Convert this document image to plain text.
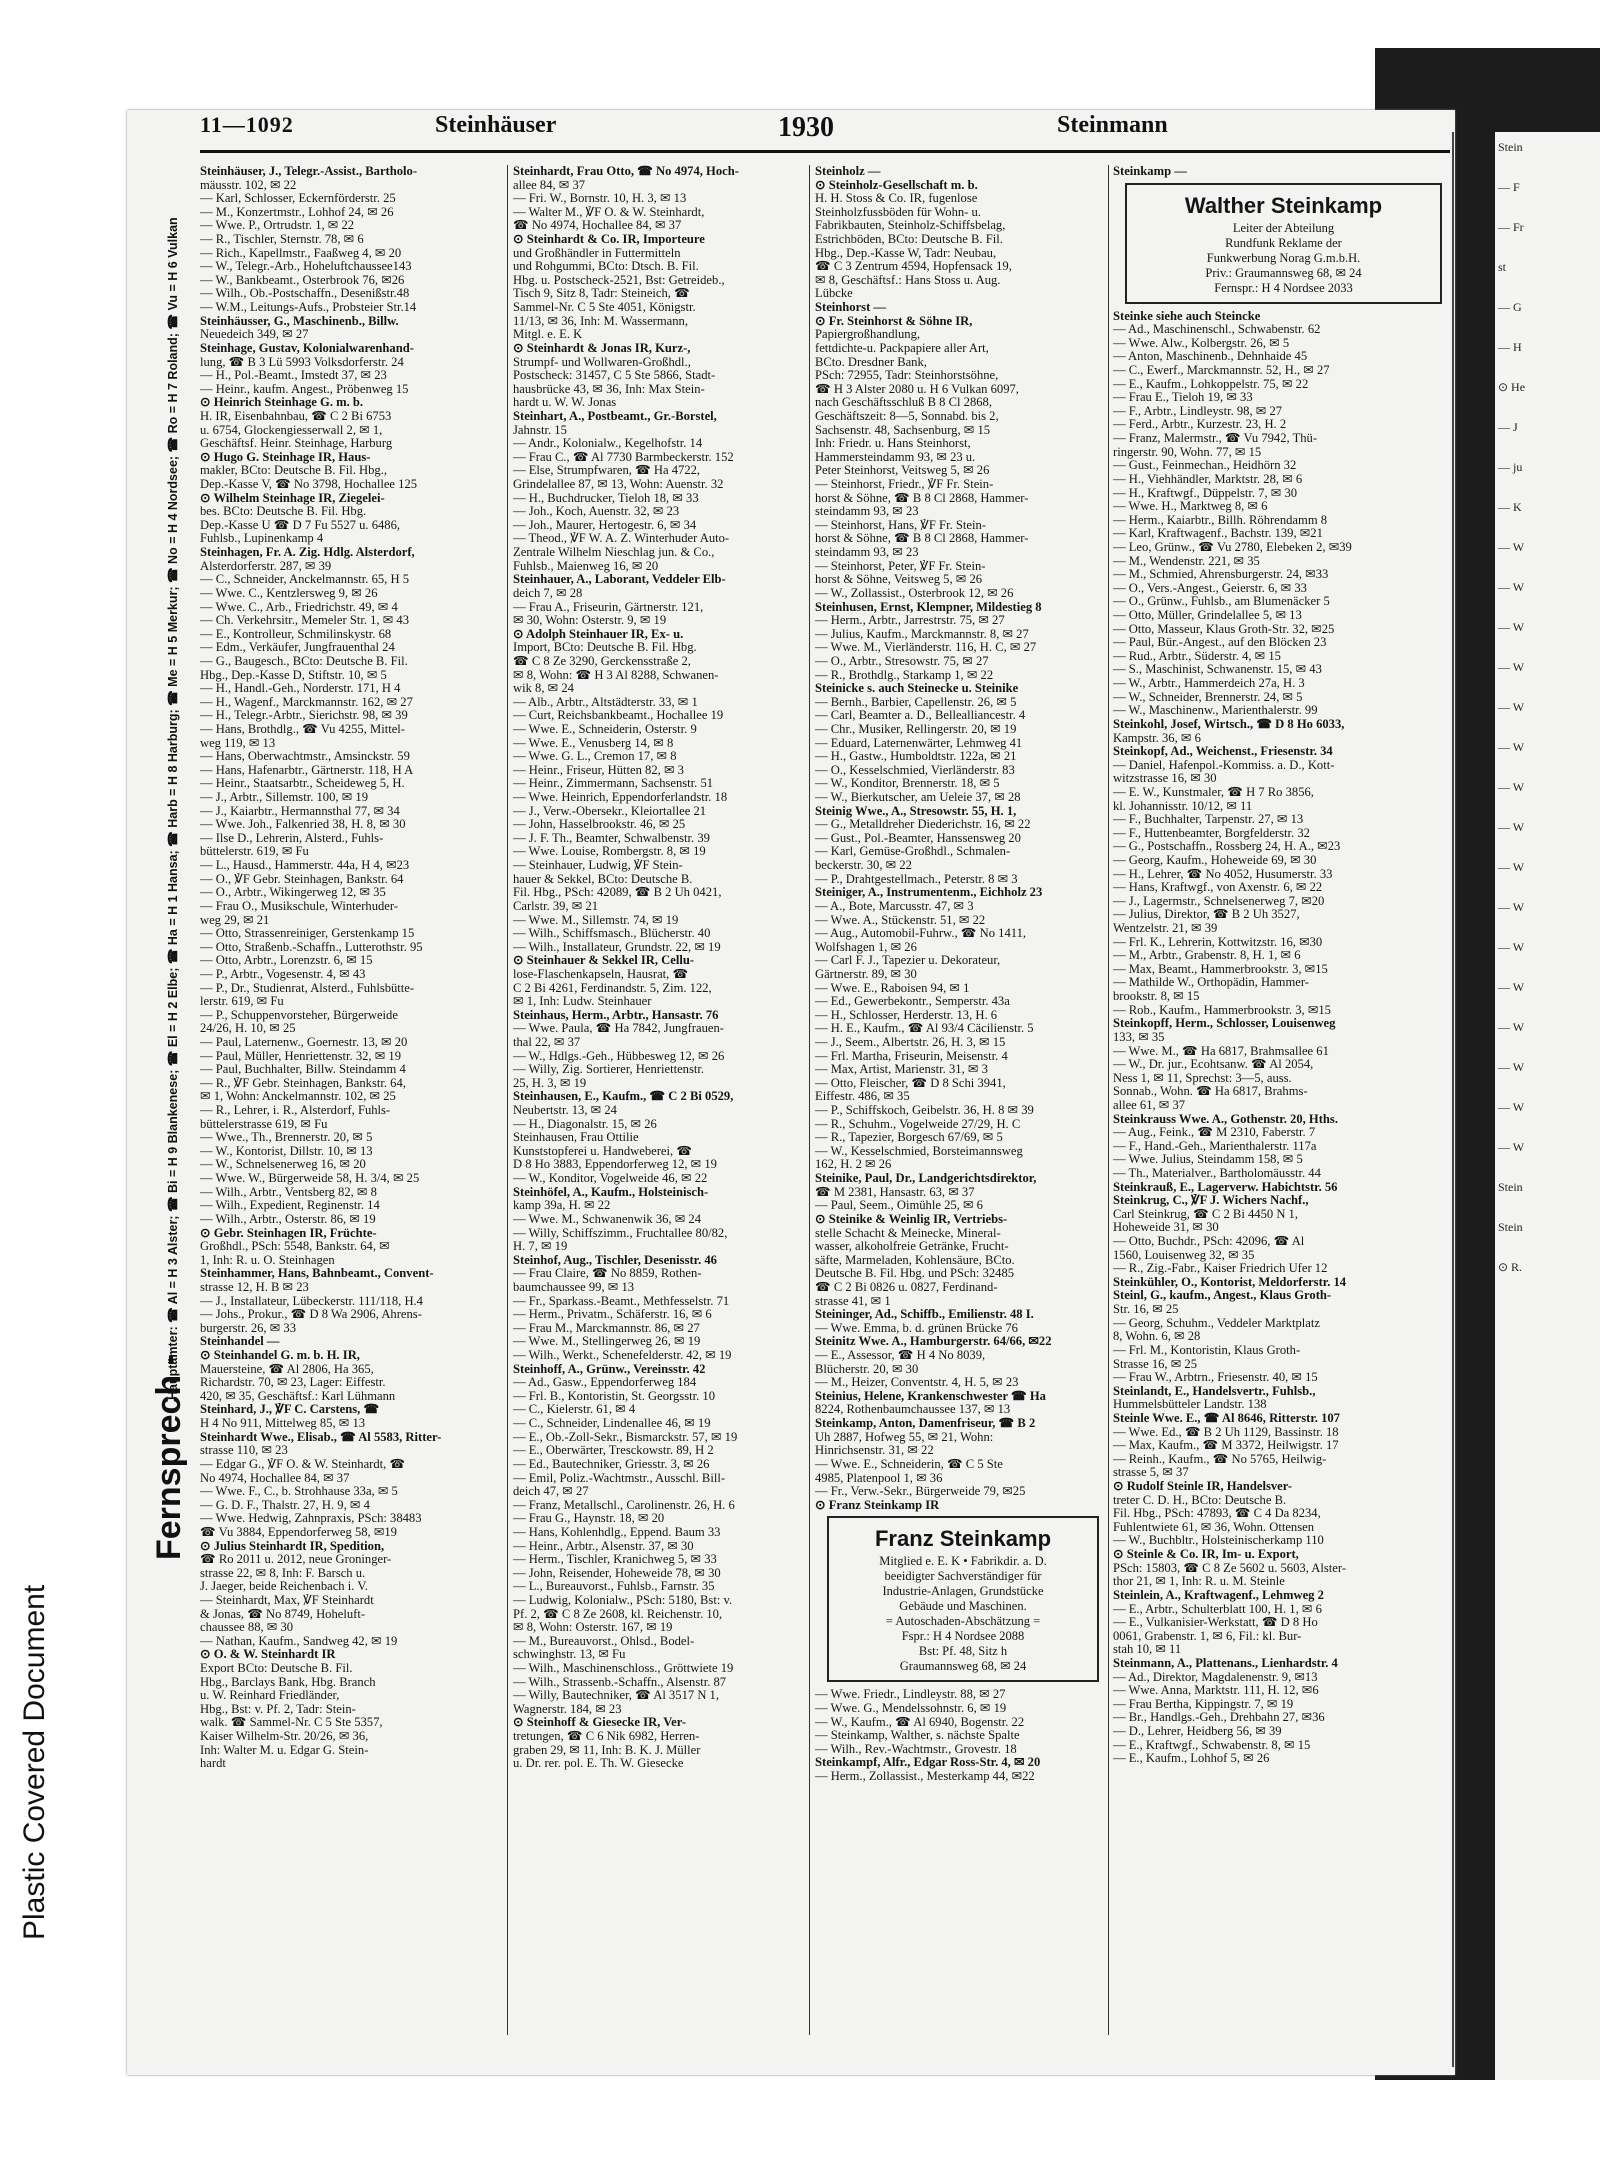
Stein
— F
— Fr
st
— G
— H
⊙ He
— J
— ju
— K
— W
— W
— W
— W
— W
— W
— W
— W
— W
— W
— W
— W
— W
— W
— W
— W
Stein
Stein
⊙ R.
Plastic Covered Document
11—1092	Steinhäuser	1930	Steinmann
Fernsprech -
Hauptämter: ☎ Al = H 3 Alster; ☎ Bi = H 9 Blankenese; ☎ El = H 2 Elbe; ☎ Ha = H 1 Hansa; ☎ Harb = H 8 Harburg; ☎ Me = H 5 Merkur; ☎ No = H 4 Nordsee; ☎ Ro = H 7 Roland; ☎ Vu = H 6 Vulkan
Steinhäuser, J., Telegr.-Assist., Bartholo-
mäusstr. 102, ✉ 22
— Karl, Schlosser, Eckernförderstr. 25
— M., Konzertmstr., Lohhof 24, ✉ 26
— Wwe. P., Ortrudstr. 1, ✉ 22
— R., Tischler, Sternstr. 78, ✉ 6
— Rich., Kapellmstr., Faaßweg 4, ✉ 20
— W., Telegr.-Arb., Hoheluftchaussee143
— W., Bankbeamt., Osterbrook 76, ✉26
— Wilh., Ob.-Postschaffn., Desenißstr.48
— W.M., Leitungs-Aufs., Probsteier Str.14
Steinhäusser, G., Maschinenb., Billw.
Neuedeich 349, ✉ 27
Steinhage, Gustav, Kolonialwarenhand-
lung, ☎ B 3 Lü 5993 Volksdorferstr. 24
— H., Pol.-Beamt., Imstedt 37, ✉ 23
— Heinr., kaufm. Angest., Pröbenweg 15
⊙ Heinrich Steinhage G. m. b.
H. IR, Eisenbahnbau, ☎ C 2 Bi 6753
u. 6754, Glockengiesserwall 2, ✉ 1,
Geschäftsf. Heinr. Steinhage, Harburg
⊙ Hugo G. Steinhage IR, Haus-
makler, BCto: Deutsche B. Fil. Hbg.,
Dep.-Kasse V, ☎ No 3798, Hochallee 125
⊙ Wilhelm Steinhage IR, Ziegelei-
bes. BCto: Deutsche B. Fil. Hbg.
Dep.-Kasse U ☎ D 7 Fu 5527 u. 6486,
Fuhlsb., Lupinenkamp 4
Steinhagen, Fr. A. Zig. Hdlg. Alsterdorf,
Alsterdorferstr. 287, ✉ 39
— C., Schneider, Anckelmannstr. 65, H 5
— Wwe. C., Kentzlersweg 9, ✉ 26
— Wwe. C., Arb., Friedrichstr. 49, ✉ 4
— Ch. Verkehrsitr., Memeler Str. 1, ✉ 43
— E., Kontrolleur, Schmilinskystr. 68
— Edm., Verkäufer, Jungfrauenthal 24
— G., Baugesch., BCto: Deutsche B. Fil.
Hbg., Dep.-Kasse D, Stiftstr. 10, ✉ 5
— H., Handl.-Geh., Norderstr. 171, H 4
— H., Wagenf., Marckmannstr. 162, ✉ 27
— H., Telegr.-Arbtr., Sierichstr. 98, ✉ 39
— Hans, Brothdlg., ☎ Vu 4255, Mittel-
weg 119, ✉ 13
— Hans, Oberwachtmstr., Amsinckstr. 59
— Hans, Hafenarbtr., Gärtnerstr. 118, H A
— Heinr., Staatsarbtr., Scheideweg 5, H.
— J., Arbtr., Sillemstr. 100, ✉ 19
— J., Kaiarbtr., Hermannsthal 77, ✉ 34
— Wwe. Joh., Falkenried 38, H. 8, ✉ 30
— Ilse D., Lehrerin, Alsterd., Fuhls-
büttelerstr. 619, ✉ Fu
— L., Hausd., Hammerstr. 44a, H 4, ✉23
— O., ℣F Gebr. Steinhagen, Bankstr. 64
— O., Arbtr., Wikingerweg 12, ✉ 35
— Frau O., Musikschule, Winterhuder-
weg 29, ✉ 21
— Otto, Strassenreiniger, Gerstenkamp 15
— Otto, Straßenb.-Schaffn., Lutterothstr. 95
— Otto, Arbtr., Lorenzstr. 6, ✉ 15
— P., Arbtr., Vogesenstr. 4, ✉ 43
— P., Dr., Studienrat, Alsterd., Fuhlsbütte-
lerstr. 619, ✉ Fu
— P., Schuppenvorsteher, Bürgerweide
24/26, H. 10, ✉ 25
— Paul, Laternenw., Goernestr. 13, ✉ 20
— Paul, Müller, Henriettenstr. 32, ✉ 19
— Paul, Buchhalter, Billw. Steindamm 4
— R., ℣F Gebr. Steinhagen, Bankstr. 64,
✉ 1, Wohn: Anckelmannstr. 102, ✉ 25
— R., Lehrer, i. R., Alsterdorf, Fuhls-
büttelerstrasse 619, ✉ Fu
— Wwe., Th., Brennerstr. 20, ✉ 5
— W., Kontorist, Dillstr. 10, ✉ 13
— W., Schnelsenerweg 16, ✉ 20
— Wwe. W., Bürgerweide 58, H. 3/4, ✉ 25
— Wilh., Arbtr., Ventsberg 82, ✉ 8
— Wilh., Expedient, Reginenstr. 14
— Wilh., Arbtr., Osterstr. 86, ✉ 19
⊙ Gebr. Steinhagen IR, Früchte-
Großhdl., PSch: 5548, Bankstr. 64, ✉
1, Inh: R. u. O. Steinhagen
Steinhammer, Hans, Bahnbeamt., Convent-
strasse 12, H. B ✉ 23
— J., Installateur, Lübeckerstr. 111/118, H.4
— Johs., Prokur., ☎ D 8 Wa 2906, Ahrens-
burgerstr. 26, ✉ 33
Steinhandel —
⊙ Steinhandel G. m. b. H. IR,
Mauersteine, ☎ Al 2806, Ha 365,
Richardstr. 70, ✉ 23, Lager: Eiffestr.
420, ✉ 35, Geschäftsf.: Karl Lühmann
Steinhard, J., ℣F C. Carstens, ☎
H 4 No 911, Mittelweg 85, ✉ 13
Steinhardt Wwe., Elisab., ☎ Al 5583, Ritter-
strasse 110, ✉ 23
— Edgar G., ℣F O. & W. Steinhardt, ☎
No 4974, Hochallee 84, ✉ 37
— Wwe. F., C., b. Strohhause 33a, ✉ 5
— G. D. F., Thalstr. 27, H. 9, ✉ 4
— Wwe. Hedwig, Zahnpraxis, PSch: 38483
☎ Vu 3884, Eppendorferweg 58, ✉19
⊙ Julius Steinhardt IR, Spedition,
☎ Ro 2011 u. 2012, neue Groninger-
strasse 22, ✉ 8, Inh: F. Barsch u.
J. Jaeger, beide Reichenbach i. V.
— Steinhardt, Max, ℣F Steinhardt
& Jonas, ☎ No 8749, Hoheluft-
chaussee 88, ✉ 30
— Nathan, Kaufm., Sandweg 42, ✉ 19
⊙ O. & W. Steinhardt IR
Export BCto: Deutsche B. Fil.
Hbg., Barclays Bank, Hbg. Branch
u. W. Reinhard Friedländer,
Hbg., Bst: v. Pf. 2, Tadr: Stein-
walk. ☎ Sammel-Nr. C 5 Ste 5357,
Kaiser Wilhelm-Str. 20/26, ✉ 36,
Inh: Walter M. u. Edgar G. Stein-
hardt
Steinhardt, Frau Otto, ☎ No 4974, Hoch-
allee 84, ✉ 37
— Fri. W., Bornstr. 10, H. 3, ✉ 13
— Walter M., ℣F O. & W. Steinhardt,
☎ No 4974, Hochallee 84, ✉ 37
⊙ Steinhardt & Co. IR, Importeure
und Großhändler in Futtermitteln
und Rohgummi, BCto: Dtsch. B. Fil.
Hbg. u. Postscheck-2521, Bst: Getreideb.,
Tisch 9, Sitz 8, Tadr: Steineich, ☎
Sammel-Nr. C 5 Ste 4051, Königstr.
11/13, ✉ 36, Inh: M. Wassermann,
Mitgl. e. E. K
⊙ Steinhardt & Jonas IR, Kurz-,
Strumpf- und Wollwaren-Großhdl.,
Postscheck: 31457, C 5 Ste 5866, Stadt-
hausbrücke 43, ✉ 36, Inh: Max Stein-
hardt u. W. W. Jonas
Steinhart, A., Postbeamt., Gr.-Borstel,
Jahnstr. 15
— Andr., Kolonialw., Kegelhofstr. 14
— Frau C., ☎ Al 7730 Barmbeckerstr. 152
— Else, Strumpfwaren, ☎ Ha 4722,
Grindelallee 87, ✉ 13, Wohn: Auenstr. 32
— H., Buchdrucker, Tieloh 18, ✉ 33
— Joh., Koch, Auenstr. 32, ✉ 23
— Joh., Maurer, Hertogestr. 6, ✉ 34
— Theod., ℣F W. A. Z. Winterhuder Auto-
Zentrale Wilhelm Nieschlag jun. & Co.,
Fuhlsb., Maienweg 16, ✉ 20
Steinhauer, A., Laborant, Veddeler Elb-
deich 7, ✉ 28
— Frau A., Friseurin, Gärtnerstr. 121,
✉ 30, Wohn: Osterstr. 9, ✉ 19
⊙ Adolph Steinhauer IR, Ex- u.
Import, BCto: Deutsche B. Fil. Hbg.
☎ C 8 Ze 3290, Gerckensstraße 2,
✉ 8, Wohn: ☎ H 3 Al 8288, Schwanen-
wik 8, ✉ 24
— Alb., Arbtr., Altstädterstr. 33, ✉ 1
— Curt, Reichsbankbeamt., Hochallee 19
— Wwe. E., Schneiderin, Osterstr. 9
— Wwe. E., Venusberg 14, ✉ 8
— Wwe. G. L., Cremon 17, ✉ 8
— Heinr., Friseur, Hütten 82, ✉ 3
— Heinr., Zimmermann, Sachsenstr. 51
— Wwe. Heinrich, Eppendorferlandstr. 18
— J., Verw.-Obersekr., Kleiortallee 21
— John, Hasselbrookstr. 46, ✉ 25
— J. F. Th., Beamter, Schwalbenstr. 39
— Wwe. Louise, Rombergstr. 8, ✉ 19
— Steinhauer, Ludwig, ℣F Stein-
hauer & Sekkel, BCto: Deutsche B.
Fil. Hbg., PSch: 42089, ☎ B 2 Uh 0421,
Carlstr. 39, ✉ 21
— Wwe. M., Sillemstr. 74, ✉ 19
— Wilh., Schiffsmasch., Blücherstr. 40
— Wilh., Installateur, Grundstr. 22, ✉ 19
⊙ Steinhauer & Sekkel IR, Cellu-
lose-Flaschenkapseln, Hausrat, ☎
C 2 Bi 4261, Ferdinandstr. 5, Zim. 122,
✉ 1, Inh: Ludw. Steinhauer
Steinhaus, Herm., Arbtr., Hansastr. 76
— Wwe. Paula, ☎ Ha 7842, Jungfrauen-
thal 22, ✉ 37
— W., Hdlgs.-Geh., Hübbesweg 12, ✉ 26
— Willy, Zig. Sortierer, Henriettenstr.
25, H. 3, ✉ 19
Steinhausen, E., Kaufm., ☎ C 2 Bi 0529,
Neubertstr. 13, ✉ 24
— H., Diagonalstr. 15, ✉ 26
Steinhausen, Frau Ottilie
Kunststopferei u. Handweberei, ☎
D 8 Ho 3883, Eppendorferweg 12, ✉ 19
— W., Konditor, Vogelweide 46, ✉ 22
Steinhöfel, A., Kaufm., Holsteinisch-
kamp 39a, H. ✉ 22
— Wwe. M., Schwanenwik 36, ✉ 24
— Willy, Schiffszimm., Fruchtallee 80/82,
H. 7, ✉ 19
Steinhof, Aug., Tischler, Desenisstr. 46
— Frau Claire, ☎ No 8859, Rothen-
baumchaussee 99, ✉ 13
— Fr., Sparkass.-Beamt., Methfesselstr. 71
— Herm., Privatm., Schäferstr. 16, ✉ 6
— Frau M., Marckmannstr. 86, ✉ 27
— Wwe. M., Stellingerweg 26, ✉ 19
— Wilh., Werkt., Schenefelderstr. 42, ✉ 19
Steinhoff, A., Grünw., Vereinsstr. 42
— Ad., Gasw., Eppendorferweg 184
— Frl. B., Kontoristin, St. Georgsstr. 10
— C., Kielerstr. 61, ✉ 4
— C., Schneider, Lindenallee 46, ✉ 19
— E., Ob.-Zoll-Sekr., Bismarckstr. 57, ✉ 19
— E., Oberwärter, Tresckowstr. 89, H 2
— Ed., Bautechniker, Griesstr. 3, ✉ 26
— Emil, Poliz.-Wachtmstr., Ausschl. Bill-
deich 47, ✉ 27
— Franz, Metallschl., Carolinenstr. 26, H. 6
— Frau G., Haynstr. 18, ✉ 20
— Hans, Kohlenhdlg., Eppend. Baum 33
— Heinr., Arbtr., Alsenstr. 37, ✉ 30
— Herm., Tischler, Kranichweg 5, ✉ 33
— John, Reisender, Hoheweide 78, ✉ 30
— L., Bureauvorst., Fuhlsb., Farnstr. 35
— Ludwig, Kolonialw., PSch: 5180, Bst: v.
Pf. 2, ☎ C 8 Ze 2608, kl. Reichenstr. 10,
✉ 8, Wohn: Osterstr. 167, ✉ 19
— M., Bureauvorst., Ohlsd., Bodel-
schwinghstr. 13, ✉ Fu
— Wilh., Maschinenschloss., Gröttwiete 19
— Wilh., Strassenb.-Schaffn., Alsenstr. 87
— Willy, Bautechniker, ☎ Al 3517 N 1,
Wagnerstr. 184, ✉ 23
⊙ Steinhoff & Giesecke IR, Ver-
tretungen, ☎ C 6 Nik 6982, Herren-
graben 29, ✉ 11, Inh: B. K. J. Müller
u. Dr. rer. pol. E. Th. W. Giesecke
Steinholz —
⊙ Steinholz-Gesellschaft m. b.
H. H. Stoss & Co. IR, fugenlose
Steinholzfussböden für Wohn- u.
Fabrikbauten, Steinholz-Schiffsbelag,
Estrichböden, BCto: Deutsche B. Fil.
Hbg., Dep.-Kasse W, Tadr: Neubau,
☎ C 3 Zentrum 4594, Hopfensack 19,
✉ 8, Geschäftsf.: Hans Stoss u. Aug.
Lübcke
Steinhorst —
⊙ Fr. Steinhorst & Söhne IR,
Papiergroßhandlung,
fettdichte-u. Packpapiere aller Art,
BCto. Dresdner Bank,
PSch: 72955, Tadr: Steinhorstsöhne,
☎ H 3 Alster 2080 u. H 6 Vulkan 6097,
nach Geschäftsschluß B 8 Cl 2868,
Geschäftszeit: 8—5, Sonnabd. bis 2,
Sachsenstr. 48, Sachsenburg, ✉ 15
Inh: Friedr. u. Hans Steinhorst,
Hammersteindamm 93, ✉ 23 u.
Peter Steinhorst, Veitsweg 5, ✉ 26
— Steinhorst, Friedr., ℣F Fr. Stein-
horst & Söhne, ☎ B 8 Cl 2868, Hammer-
steindamm 93, ✉ 23
— Steinhorst, Hans, ℣F Fr. Stein-
horst & Söhne, ☎ B 8 Cl 2868, Hammer-
steindamm 93, ✉ 23
— Steinhorst, Peter, ℣F Fr. Stein-
horst & Söhne, Veitsweg 5, ✉ 26
— W., Zollassist., Osterbrook 12, ✉ 26
Steinhusen, Ernst, Klempner, Mildestieg 8
— Herm., Arbtr., Jarrestrstr. 75, ✉ 27
— Julius, Kaufm., Marckmannstr. 8, ✉ 27
— Wwe. M., Vierländerstr. 116, H. C, ✉ 27
— O., Arbtr., Stresowstr. 75, ✉ 27
— R., Brothdlg., Starkamp 1, ✉ 22
Steinicke s. auch Steinecke u. Steinike
— Bernh., Barbier, Capellenstr. 26, ✉ 5
— Carl, Beamter a. D., Belleallianсestr. 4
— Chr., Musiker, Rellingerstr. 20, ✉ 19
— Eduard, Laternenwärter, Lehmweg 41
— H., Gastw., Humboldtstr. 122a, ✉ 21
— O., Kesselschmied, Vierländerstr. 83
— W., Konditor, Brennerstr. 18, ✉ 5
— W., Bierkutscher, am Ueleie 37, ✉ 28
Steinig Wwe., A., Stresowstr. 55, H. 1,
— G., Metalldreher Diederichstr. 16, ✉ 22
— Gust., Pol.-Beamter, Hanssensweg 20
— Karl, Gemüse-Großhdl., Schmalen-
beckerstr. 30, ✉ 22
— P., Drahtgestellmach., Peterstr. 8 ✉ 3
Steiniger, A., Instrumentenm., Eichholz 23
— A., Bote, Marcusstr. 47, ✉ 3
— Wwe. A., Stückenstr. 51, ✉ 22
— Aug., Automobil-Fuhrw., ☎ No 1411,
Wolfshagen 1, ✉ 26
— Carl F. J., Tapezier u. Dekorateur,
Gärtnerstr. 89, ✉ 30
— Wwe. E., Raboisen 94, ✉ 1
— Ed., Gewerbekontr., Semperstr. 43a
— H., Schlosser, Herderstr. 13, H. 6
— H. E., Kaufm., ☎ Al 93/4 Cäcilienstr. 5
— J., Seem., Albertstr. 26, H. 3, ✉ 15
— Frl. Martha, Friseurin, Meisenstr. 4
— Max, Artist, Marienstr. 31, ✉ 3
— Otto, Fleischer, ☎ D 8 Schi 3941,
Eiffestr. 486, ✉ 35
— P., Schiffskoch, Geibelstr. 36, H. 8 ✉ 39
— R., Schuhm., Vogelweide 27/29, H. C
— R., Tapezier, Borgesch 67/69, ✉ 5
— W., Kesselschmied, Borsteimannsweg
162, H. 2 ✉ 26
Steinike, Paul, Dr., Landgerichtsdirektor,
☎ M 2381, Hansastr. 63, ✉ 37
— Paul, Seem., Oimühle 25, ✉ 6
⊙ Steinike & Weinlig IR, Vertriebs-
stelle Schacht & Meinecke, Mineral-
wasser, alkoholfreie Getränke, Frucht-
säfte, Marmeladen, Kohlensäure, BCto.
Deutsche B. Fil. Hbg. und PSch: 32485
☎ C 2 Bi 0826 u. 0827, Ferdinand-
strasse 41, ✉ 1
Steininger, Ad., Schiffb., Emilienstr. 48 I.
— Wwe. Emma, b. d. grünen Brücke 76
Steinitz Wwe. A., Hamburgerstr. 64/66, ✉22
— E., Assessor, ☎ H 4 No 8039,
Blücherstr. 20, ✉ 30
— M., Heizer, Conventstr. 4, H. 5, ✉ 23
Steinius, Helene, Krankenschwester ☎ Ha
8224, Rothenbaumchaussee 137, ✉ 13
Steinkamp, Anton, Damenfriseur, ☎ B 2
Uh 2887, Hofweg 55, ✉ 21, Wohn:
Hinrichsenstr. 31, ✉ 22
— Wwe. E., Schneiderin, ☎ C 5 Ste
4985, Platenpool 1, ✉ 36
— Fr., Verw.-Sekr., Bürgerweide 79, ✉25
⊙ Franz Steinkamp IR
Franz Steinkamp
Mitglied e. E. K • Fabrikdir. a. D.
beeidigter Sachverständiger für
Industrie-Anlagen, Grundstücke
Gebäude und Maschinen.
= Autoschaden-Abschätzung =
Fspr.: H 4 Nordsee 2088
Bst: Pf. 48, Sitz h
Graumannsweg 68, ✉ 24
— Wwe. Friedr., Lindleystr. 88, ✉ 27
— Wwe. G., Mendelssohnstr. 6, ✉ 19
— W., Kaufm., ☎ Al 6940, Bogenstr. 22
— Steinkamp, Walther, s. nächste Spalte
— Wilh., Rev.-Wachtmstr., Grovestr. 18
Steinkampf, Alfr., Edgar Ross-Str. 4, ✉ 20
— Herm., Zollassist., Mesterkamp 44, ✉22
Steinkamp —
Walther Steinkamp
Leiter der Abteilung
Rundfunk Reklame der
Funkwerbung Norag G.m.b.H.
Priv.: Graumannsweg 68, ✉ 24
Fernspr.: H 4 Nordsee 2033
Steinke siehe auch Steincke
— Ad., Maschinenschl., Schwabenstr. 62
— Wwe. Alw., Kolbergstr. 26, ✉ 5
— Anton, Maschinenb., Dehnhaide 45
— C., Ewerf., Marckmannstr. 52, H., ✉ 27
— E., Kaufm., Lohkoppelstr. 75, ✉ 22
— Frau E., Tieloh 19, ✉ 33
— F., Arbtr., Lindleystr. 98, ✉ 27
— Ferd., Arbtr., Kurzestr. 23, H. 2
— Franz, Malermstr., ☎ Vu 7942, Thü-
ringerstr. 90, Wohn. 77, ✉ 15
— Gust., Feinmechan., Heidhörn 32
— H., Viehhändler, Marktstr. 28, ✉ 6
— H., Kraftwgf., Düppelstr. 7, ✉ 30
— Wwe. H., Marktweg 8, ✉ 6
— Herm., Kaiarbtr., Billh. Röhrendamm 8
— Karl, Kraftwagenf., Bachstr. 139, ✉21
— Leo, Grünw., ☎ Vu 2780, Elebeken 2, ✉39
— M., Wendenstr. 221, ✉ 35
— M., Schmied, Ahrensburgerstr. 24, ✉33
— O., Vers.-Angest., Geierstr. 6, ✉ 33
— O., Grünw., Fuhlsb., am Blumenäcker 5
— Otto, Müller, Grindelallee 5, ✉ 13
— Otto, Masseur, Klaus Groth-Str. 32, ✉25
— Paul, Bür.-Angest., auf den Blöcken 23
— Rud., Arbtr., Süderstr. 4, ✉ 15
— S., Maschinist, Schwanenstr. 15, ✉ 43
— W., Arbtr., Hammerdeich 27a, H. 3
— W., Schneider, Brennerstr. 24, ✉ 5
— W., Maschinenw., Marienthalerstr. 99
Steinkohl, Josef, Wirtsch., ☎ D 8 Ho 6033,
Kampstr. 36, ✉ 6
Steinkopf, Ad., Weichenst., Friesenstr. 34
— Daniel, Hafenpol.-Kommiss. a. D., Kott-
witzstrasse 16, ✉ 30
— E. W., Kunstmaler, ☎ H 7 Ro 3856,
kl. Johannisstr. 10/12, ✉ 11
— F., Buchhalter, Tarpenstr. 27, ✉ 13
— F., Huttenbeamter, Borgfelderstr. 32
— G., Postschaffn., Rossberg 24, H. A., ✉23
— Georg, Kaufm., Hoheweide 69, ✉ 30
— H., Lehrer, ☎ No 4052, Husumerstr. 33
— Hans, Kraftwgf., von Axenstr. 6, ✉ 22
— J., Lagermstr., Schnelsenerweg 7, ✉20
— Julius, Direktor, ☎ B 2 Uh 3527,
Wentzelstr. 21, ✉ 39
— Frl. K., Lehrerin, Kottwitzstr. 16, ✉30
— M., Arbtr., Grabenstr. 8, H. 1, ✉ 6
— Max, Beamt., Hammerbrookstr. 3, ✉15
— Mathilde W., Orthopädin, Hammer-
brookstr. 8, ✉ 15
— Rob., Kaufm., Hammerbrookstr. 3, ✉15
Steinkopff, Herm., Schlosser, Louisenweg
133, ✉ 35
— Wwe. M., ☎ Ha 6817, Brahmsallee 61
— W., Dr. jur., Ecohtsanw. ☎ Al 2054,
Ness 1, ✉ 11, Sprechst: 3—5, auss.
Sonnab., Wohn. ☎ Ha 6817, Brahms-
allee 61, ✉ 37
Steinkrauss Wwe. A., Gothenstr. 20, Hths.
— Aug., Feink., ☎ M 2310, Faberstr. 7
— F., Hand.-Geh., Marienthalerstr. 117a
— Wwe. Julius, Steindamm 158, ✉ 5
— Th., Materialver., Bartholomäusstr. 44
Steinkrauß, E., Lagerverw. Habichtstr. 56
Steinkrug, C., ℣F J. Wichers Nachf.,
Carl Steinkrug, ☎ C 2 Bi 4450 N 1,
Hoheweide 31, ✉ 30
— Otto, Buchdr., PSch: 42096, ☎ Al
1560, Louisenweg 32, ✉ 35
— R., Zig.-Fabr., Kaiser Friedrich Ufer 12
Steinkühler, O., Kontorist, Meldorferstr. 14
Steinl, G., kaufm., Angest., Klaus Groth-
Str. 16, ✉ 25
— Georg, Schuhm., Veddeler Marktplatz
8, Wohn. 6, ✉ 28
— Frl. M., Kontoristin, Klaus Groth-
Strasse 16, ✉ 25
— Frau W., Arbtrn., Friesenstr. 40, ✉ 15
Steinlandt, E., Handelsvertr., Fuhlsb.,
Hummelsbütteler Landstr. 138
Steinle Wwe. E., ☎ Al 8646, Ritterstr. 107
— Wwe. Ed., ☎ B 2 Uh 1129, Bassinstr. 18
— Max, Kaufm., ☎ M 3372, Heilwigstr. 17
— Reinh., Kaufm., ☎ No 5765, Heilwig-
strasse 5, ✉ 37
⊙ Rudolf Steinle IR, Handelsver-
treter C. D. H., BCto: Deutsche B.
Fil. Hbg., PSch: 47893, ☎ C 4 Da 8234,
Fuhlentwiete 61, ✉ 36, Wohn. Ottensen
— W., Buchbltr., Holsteinischerkamp 110
⊙ Steinle & Co. IR, Im- u. Export,
PSch: 15803, ☎ C 8 Ze 5602 u. 5603, Alster-
thor 21, ✉ 1, Inh: R. u. M. Steinle
Steinlein, A., Kraftwagenf., Lehmweg 2
— E., Arbtr., Schulterblatt 100, H. 1, ✉ 6
— E., Vulkanisier-Werkstatt, ☎ D 8 Ho
0061, Grabenstr. 1, ✉ 6, Fil.: kl. Bur-
stah 10, ✉ 11
Steinmann, A., Plattenans., Lienhardstr. 4
— Ad., Direktor, Magdalenenstr. 9, ✉13
— Wwe. Anna, Marktstr. 111, H. 12, ✉6
— Frau Bertha, Kippingstr. 7, ✉ 19
— Br., Handlgs.-Geh., Drehbahn 27, ✉36
— D., Lehrer, Heidberg 56, ✉ 39
— E., Kraftwgf., Schwabenstr. 8, ✉ 15
— E., Kaufm., Lohhof 5, ✉ 26
